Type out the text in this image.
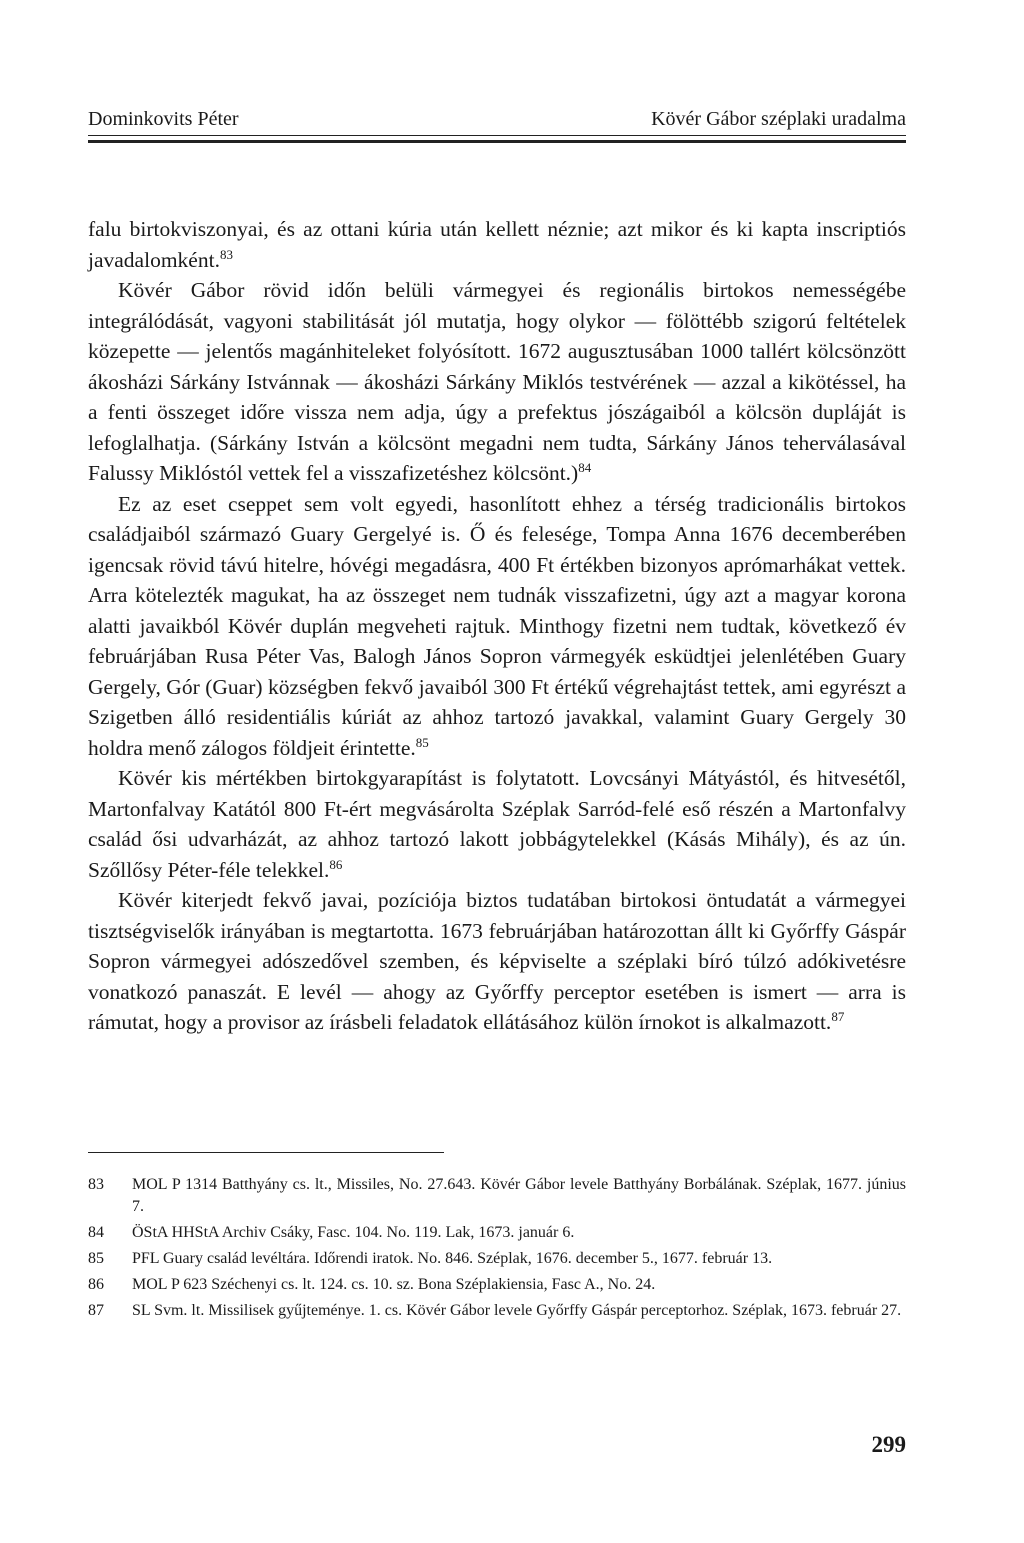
Dominkovits Péter	Kövér Gábor széplaki uradalma

falu birtokviszonyai, és az ottani kúria után kellett néznie; azt mikor és ki kapta inscriptiós javadalomként.$^{83}$

Kövér Gábor rövid időn belüli vármegyei és regionális birtokos nemességébe integrálódását, vagyoni stabilitását jól mutatja, hogy olykor — fölöttébb szigorú feltételek közepette — jelentős magánhiteleket folyósított. 1672 augusztusában 1000 tallért kölcsönzött ákosházi Sárkány Istvánnak — ákosházi Sárkány Miklós testvérének — azzal a kikötéssel, ha a fenti összeget időre vissza nem adja, úgy a prefektus jószágaiból a kölcsön dupláját is lefoglalhatja. (Sárkány István a kölcsönt megadni nem tudta, Sárkány János teherválasával Falussy Miklóstól vettek fel a visszafizetéshez kölcsönt.)$^{84}$

Ez az eset cseppet sem volt egyedi, hasonlított ehhez a térség tradicionális birtokos családjaiból származó Guary Gergelyé is. Ő és felesége, Tompa Anna 1676 decemberében igencsak rövid távú hitelre, hóvégi megadásra, 400 Ft értékben bizonyos aprómarhákat vettek. Arra kötelezték magukat, ha az összeget nem tudnák visszafizetni, úgy azt a magyar korona alatti javaikból Kövér duplán megveheti rajtuk. Minthogy fizetni nem tudtak, következő év februárjában Rusa Péter Vas, Balogh János Sopron vármegyék esküdtjei jelenlétében Guary Gergely, Gór (Guar) községben fekvő javaiból 300 Ft értékű végrehajtást tettek, ami egyrészt a Szigetben álló residentiális kúriát az ahhoz tartozó javakkal, valamint Guary Gergely 30 holdra menő zálogos földjeit érintette.$^{85}$

Kövér kis mértékben birtokgyarapítást is folytatott. Lovcsányi Mátyástól, és hitvesétől, Martonfalvay Katától 800 Ft-ért megvásárolta Széplak Sarród-felé eső részén a Martonfalvy család ősi udvarházát, az ahhoz tartozó lakott jobbágytelekkel (Kásás Mihály), és az ún. Szőllősy Péter-féle telekkel.$^{86}$

Kövér kiterjedt fekvő javai, pozíciója biztos tudatában birtokosi öntudatát a vármegyei tisztségviselők irányában is megtartotta. 1673 februárjában határozottan állt ki Győrffy Gáspár Sopron vármegyei adószedővel szemben, és képviselte a széplaki bíró túlzó adókivetésre vonatkozó panaszát. E levél — ahogy az Győrffy perceptor esetében is ismert — arra is rámutat, hogy a provisor az írásbeli feladatok ellátásához külön írnokot is alkalmazott.$^{87}$

83 MOL P 1314 Batthyány cs. lt., Missiles, No. 27.643. Kövér Gábor levele Batthyány Borbálának. Széplak, 1677. június 7.
84 ÖStA HHStA Archiv Csáky, Fasc. 104. No. 119. Lak, 1673. január 6.
85 PFL Guary család levéltára. Időrendi iratok. No. 846. Széplak, 1676. december 5., 1677. február 13.
86 MOL P 623 Széchenyi cs. lt. 124. cs. 10. sz. Bona Széplakiensia, Fasc A., No. 24.
87 SL Svm. lt. Missilisek gyűjteménye. 1. cs. Kövér Gábor levele Győrffy Gáspár perceptorhoz. Széplak, 1673. február 27.
299
